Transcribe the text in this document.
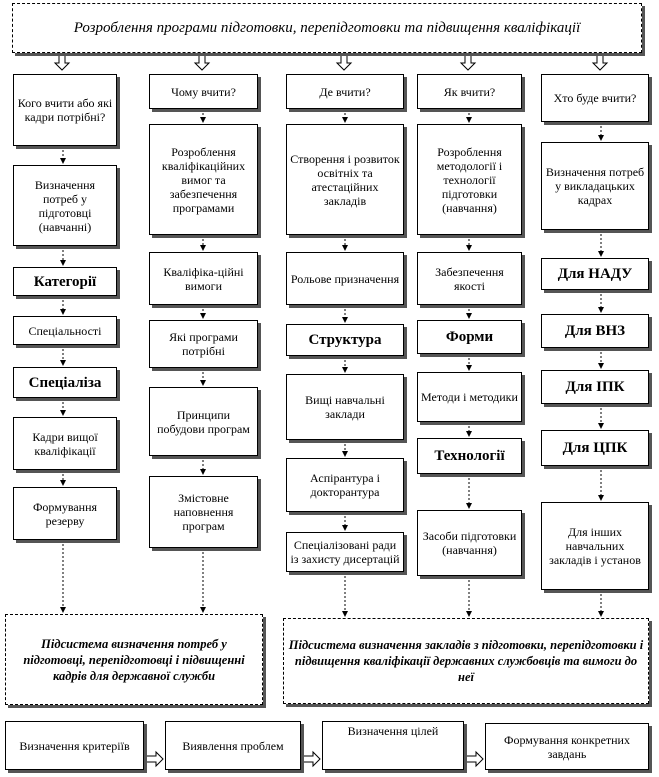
Розроблення програми підготовки, перепідготовки та підвищення кваліфікації
Кого вчити або які кадри потрібні?
Визначення потреб у підготовці (навчанні)
Категорії
Спеціальності
Спеціаліза
Кадри вищої кваліфікації
Формування резерву
Чому вчити?
Розроблення кваліфікаційних вимог та забезпечення програмами
Кваліфіка-ційні вимоги
Які програми потрібні
Принципи побудови програм
Змістовне наповнення програм
Де вчити?
Створення і розвиток освітніх та атестаційних закладів
Рольове призначення
Структура
Вищі навчальні заклади
Аспірантура і докторантура
Спеціалізовані ради із захисту дисертацій
Як вчити?
Розроблення методології і технології підготовки (навчання)
Забезпечення якості
Форми
Методи і методики
Технології
Засоби підготовки (навчання)
Хто буде вчити?
Визначення потреб у викладацьких кадрах
Для НАДУ
Для ВНЗ
Для ІПК
Для ЦПК
Для інших навчальних закладів і установ
Підсистема визначення потреб у підготовці, перепідготовці і підвищенні кадрів для державної служби
Підсистема визначення закладів з підготовки, перепідготовки і підвищення кваліфікації державних службовців та вимоги до неї
Визначення критеріїв	Виявлення проблем
Визначення цілей
Формування конкретних завдань
